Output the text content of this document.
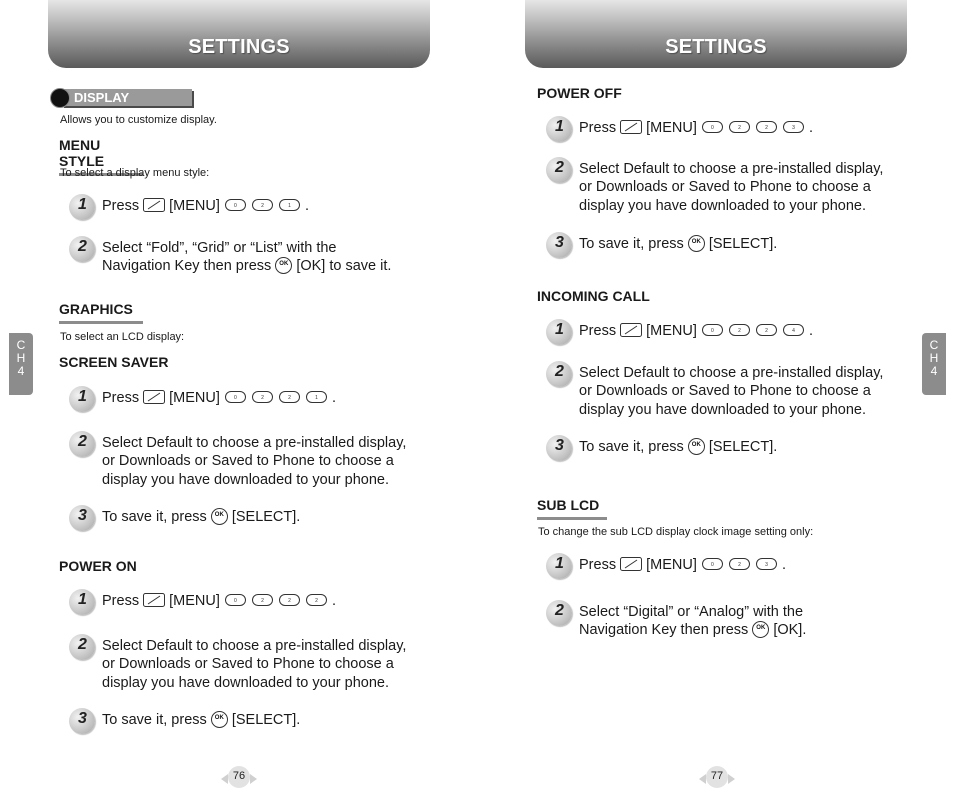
SETTINGS
C
H
4
DISPLAY
Allows you to customize display.
MENU STYLE
To select a display menu style:
1 Press [MENU]	0	2	1 .
2 Select “Fold”, “Grid” or “List” with the
Navigation Key then press OK [OK] to save it.
GRAPHICS
To select an LCD display:
SCREEN SAVER
1 Press [MENU]	0	2	2	1 .
2 Select Default to choose a pre-installed display,
or Downloads or Saved to Phone to choose a
display you have downloaded to your phone.
3 To save it, press OK [SELECT].
POWER ON
1 Press [MENU]	0	2	2	2 .
2 Select Default to choose a pre-installed display,
or Downloads or Saved to Phone to choose a
display you have downloaded to your phone.
3 To save it, press OK [SELECT].
76
SETTINGS
POWER OFF
1 Press [MENU]	0	2	2	3 .
2 Select Default to choose a pre-installed display,
or Downloads or Saved to Phone to choose a
display you have downloaded to your phone.
3 To save it, press OK [SELECT].
INCOMING CALL
1 Press [MENU]	0	2	2	4 .
2 Select Default to choose a pre-installed display,
or Downloads or Saved to Phone to choose a
display you have downloaded to your phone.
3 To save it, press OK [SELECT].
SUB LCD
To change the sub LCD display clock image setting only:
1 Press [MENU]	0	2	3 .
2 Select “Digital” or “Analog” with the
Navigation Key then press OK [OK].
77
C
H
4
